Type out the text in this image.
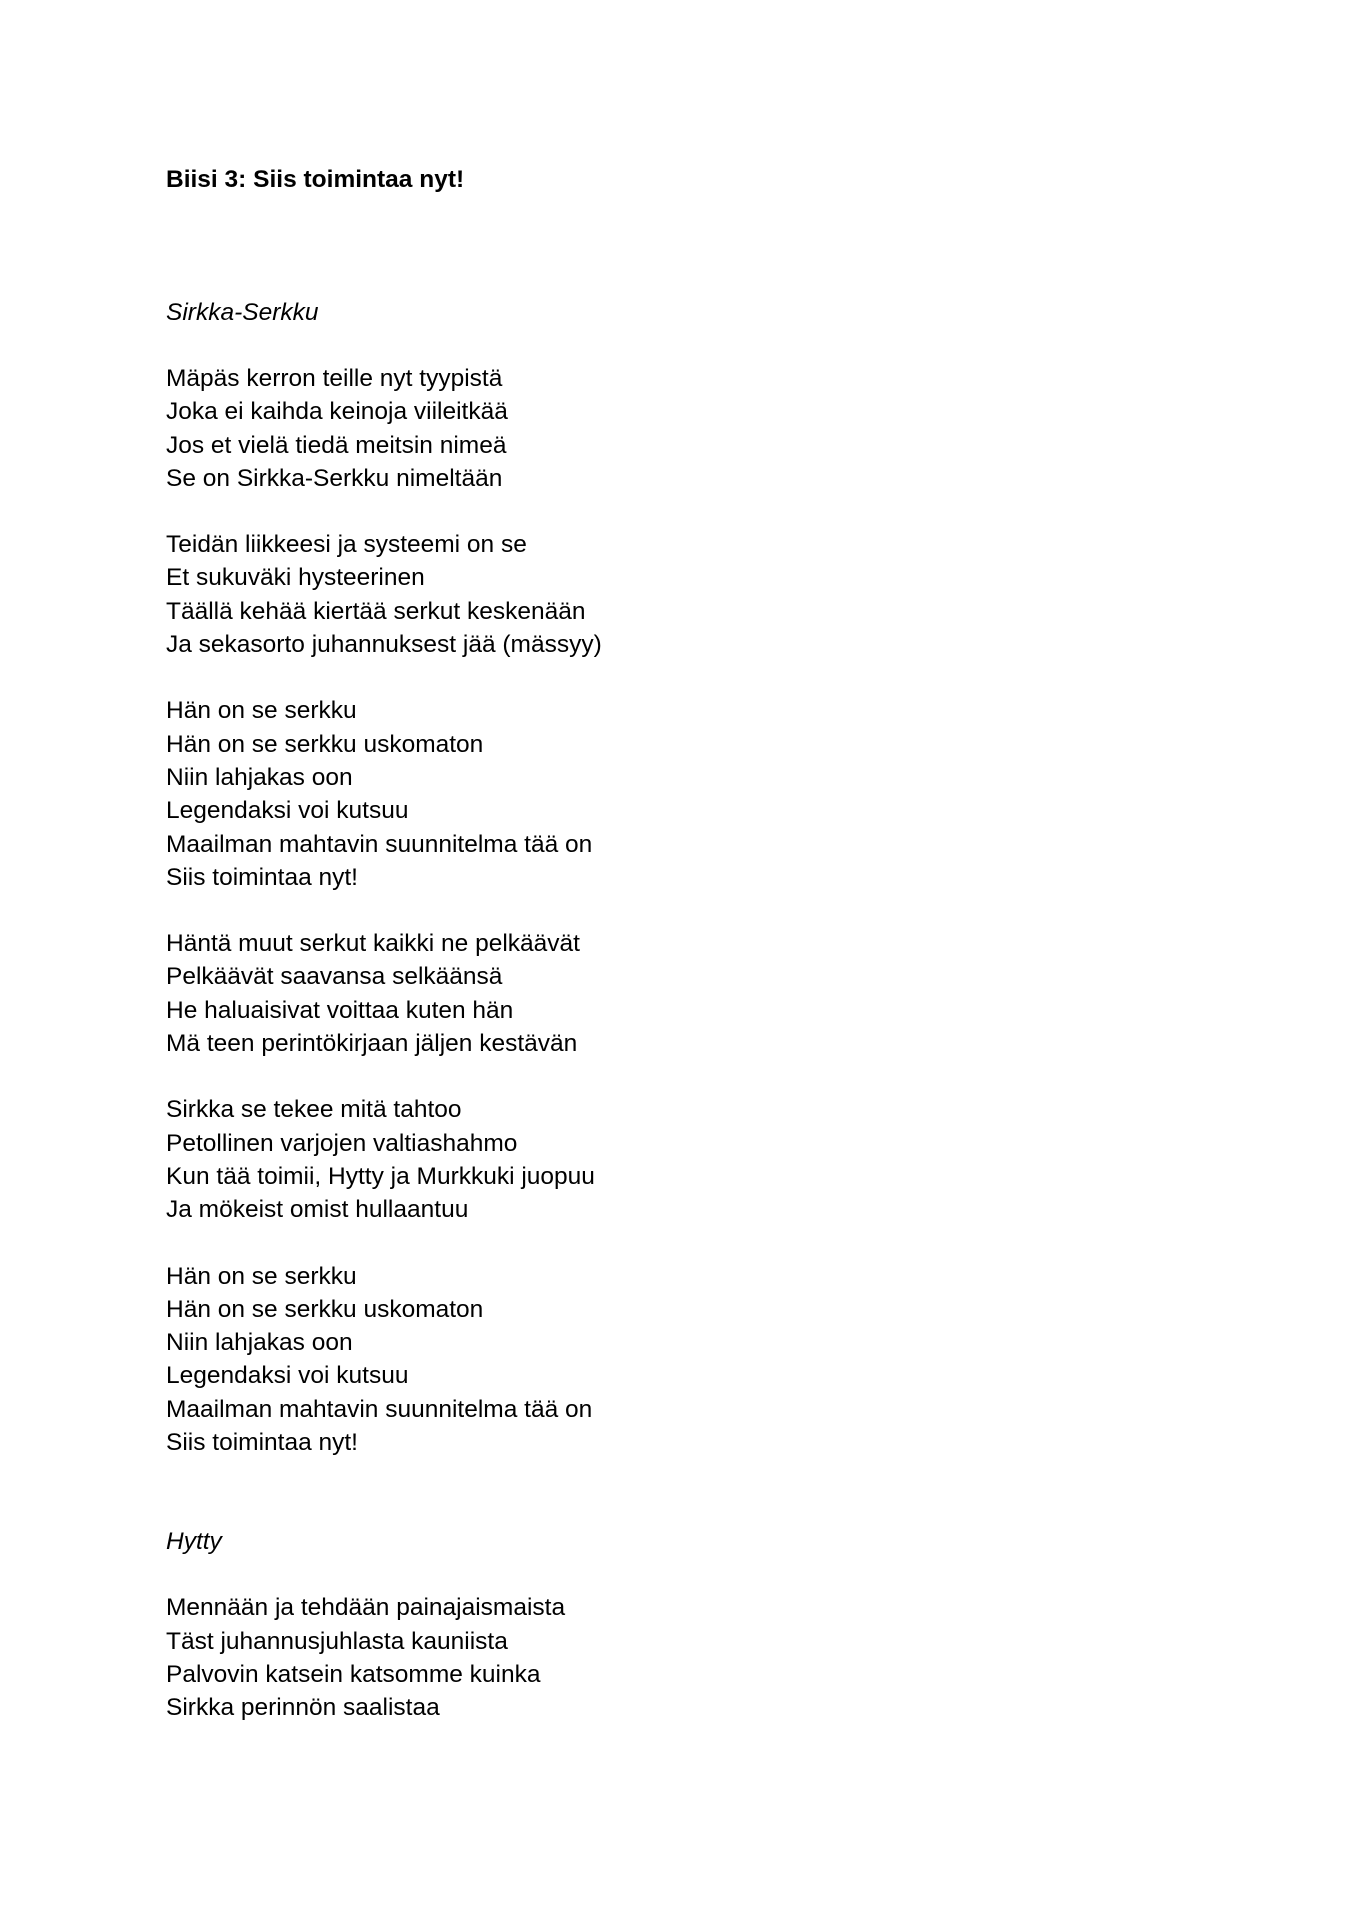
Biisi 3: Siis toimintaa nyt!

Sirkka-Serkku

Mäpäs kerron teille nyt tyypistä
Joka ei kaihda keinoja viileitkää
Jos et vielä tiedä meitsin nimeä
Se on Sirkka-Serkku nimeltään
Teidän liikkeesi ja systeemi on se
Et sukuväki hysteerinen
Täällä kehää kiertää serkut keskenään
Ja sekasorto juhannuksest jää (mässyy)
Hän on se serkku
Hän on se serkku uskomaton
Niin lahjakas oon
Legendaksi voi kutsuu
Maailman mahtavin suunnitelma tää on
Siis toimintaa nyt!
Häntä muut serkut kaikki ne pelkäävät
Pelkäävät saavansa selkäänsä
He haluaisivat voittaa kuten hän
Mä teen perintökirjaan jäljen kestävän
Sirkka se tekee mitä tahtoo
Petollinen varjojen valtiashahmo
Kun tää toimii, Hytty ja Murkkuki juopuu
Ja mökeist omist hullaantuu
Hän on se serkku
Hän on se serkku uskomaton
Niin lahjakas oon
Legendaksi voi kutsuu
Maailman mahtavin suunnitelma tää on
Siis toimintaa nyt!

Hytty

Mennään ja tehdään painajaismaista
Täst juhannusjuhlasta kauniista
Palvovin katsein katsomme kuinka
Sirkka perinnön saalistaa
